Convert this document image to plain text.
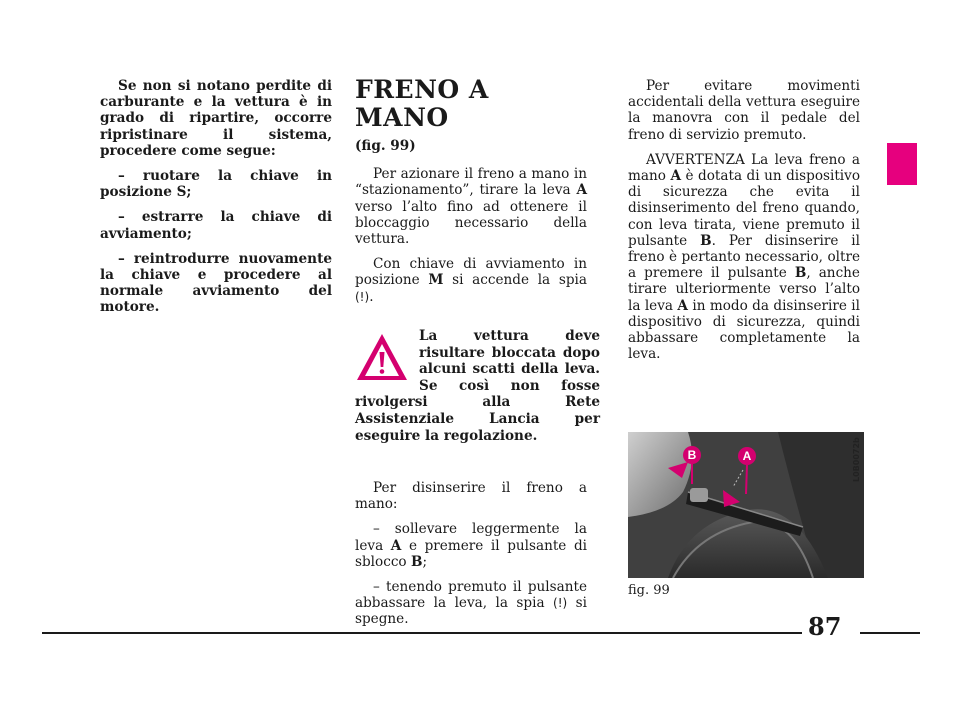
Se non si notano perdite di carburante e la vettura è in grado di ripartire, occorre ripristinare il sistema, procedere come segue:

– ruotare la chiave in posizione S;

– estrarre la chiave di avviamento;

– reintrodurre nuovamente la chiave e procedere al normale avviamento del motore.

FRENO A MANO
(fig. 99)

Per azionare il freno a mano in “stazionamento”, tirare la leva A verso l’alto fino ad ottenere il bloccaggio necessario della vettura.

Con chiave di avviamento in posizione M si accende la spia (!).

La vettura deve risultare bloccata dopo alcuni scatti della leva. Se così non fosse rivolgersi alla Rete Assistenziale Lancia per eseguire la regolazione.

Per disinserire il freno a mano:

– sollevare leggermente la leva A e premere il pulsante di sblocco B;

– tenendo premuto il pulsante abbassare la leva, la spia (!) si spegne.

Per evitare movimenti accidentali della vettura eseguire la manovra con il pedale del freno di servizio premuto.

AVVERTENZA La leva freno a mano A è dotata di un dispositivo di sicurezza che evita il disinserimento del freno quando, con leva tirata, viene premuto il pulsante B. Per disinserire il freno è pertanto necessario, oltre a premere il pulsante B, anche tirare ulteriormente verso l’alto la leva A in modo da disinserire il dispositivo di sicurezza, quindi abbassare completamente la leva.

B	A	L0B0072b
fig. 99
87
